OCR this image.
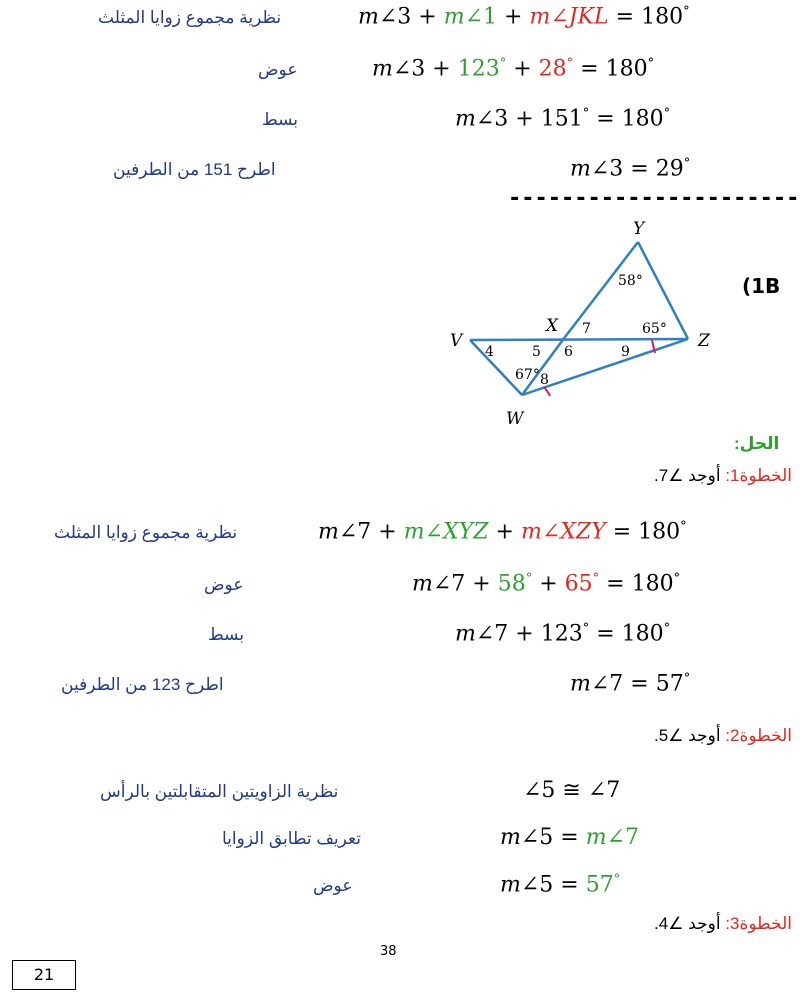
نظرية مجموع زوايا المثلث	m∠3 + m∠1 + m∠JKL = 180°
عوض	m∠3 + 123° + 28° = 180°
بسط	m∠3 + 151° = 180°
اطرح 151 من الطرفين	m∠3 = 29°
----------------------
(1B
Y
X
Z
V
W
58°
7	65°
4	5 6	9
67° 8
الحل:
الخطوة1: أوجد ∠7.
نظرية مجموع زوايا المثلث	m∠7 + m∠XYZ + m∠XZY = 180°
عوض	m∠7 + 58° + 65° = 180°
بسط	m∠7 + 123° = 180°
اطرح 123 من الطرفين	m∠7 = 57°
الخطوة2: أوجد ∠5.
نظرية الزاويتين المتقابلتين بالرأس	∠5 ≅ ∠7
تعريف تطابق الزوايا	m∠5 = m∠7
عوض	m∠5 = 57°
الخطوة3: أوجد ∠4.
38
21
